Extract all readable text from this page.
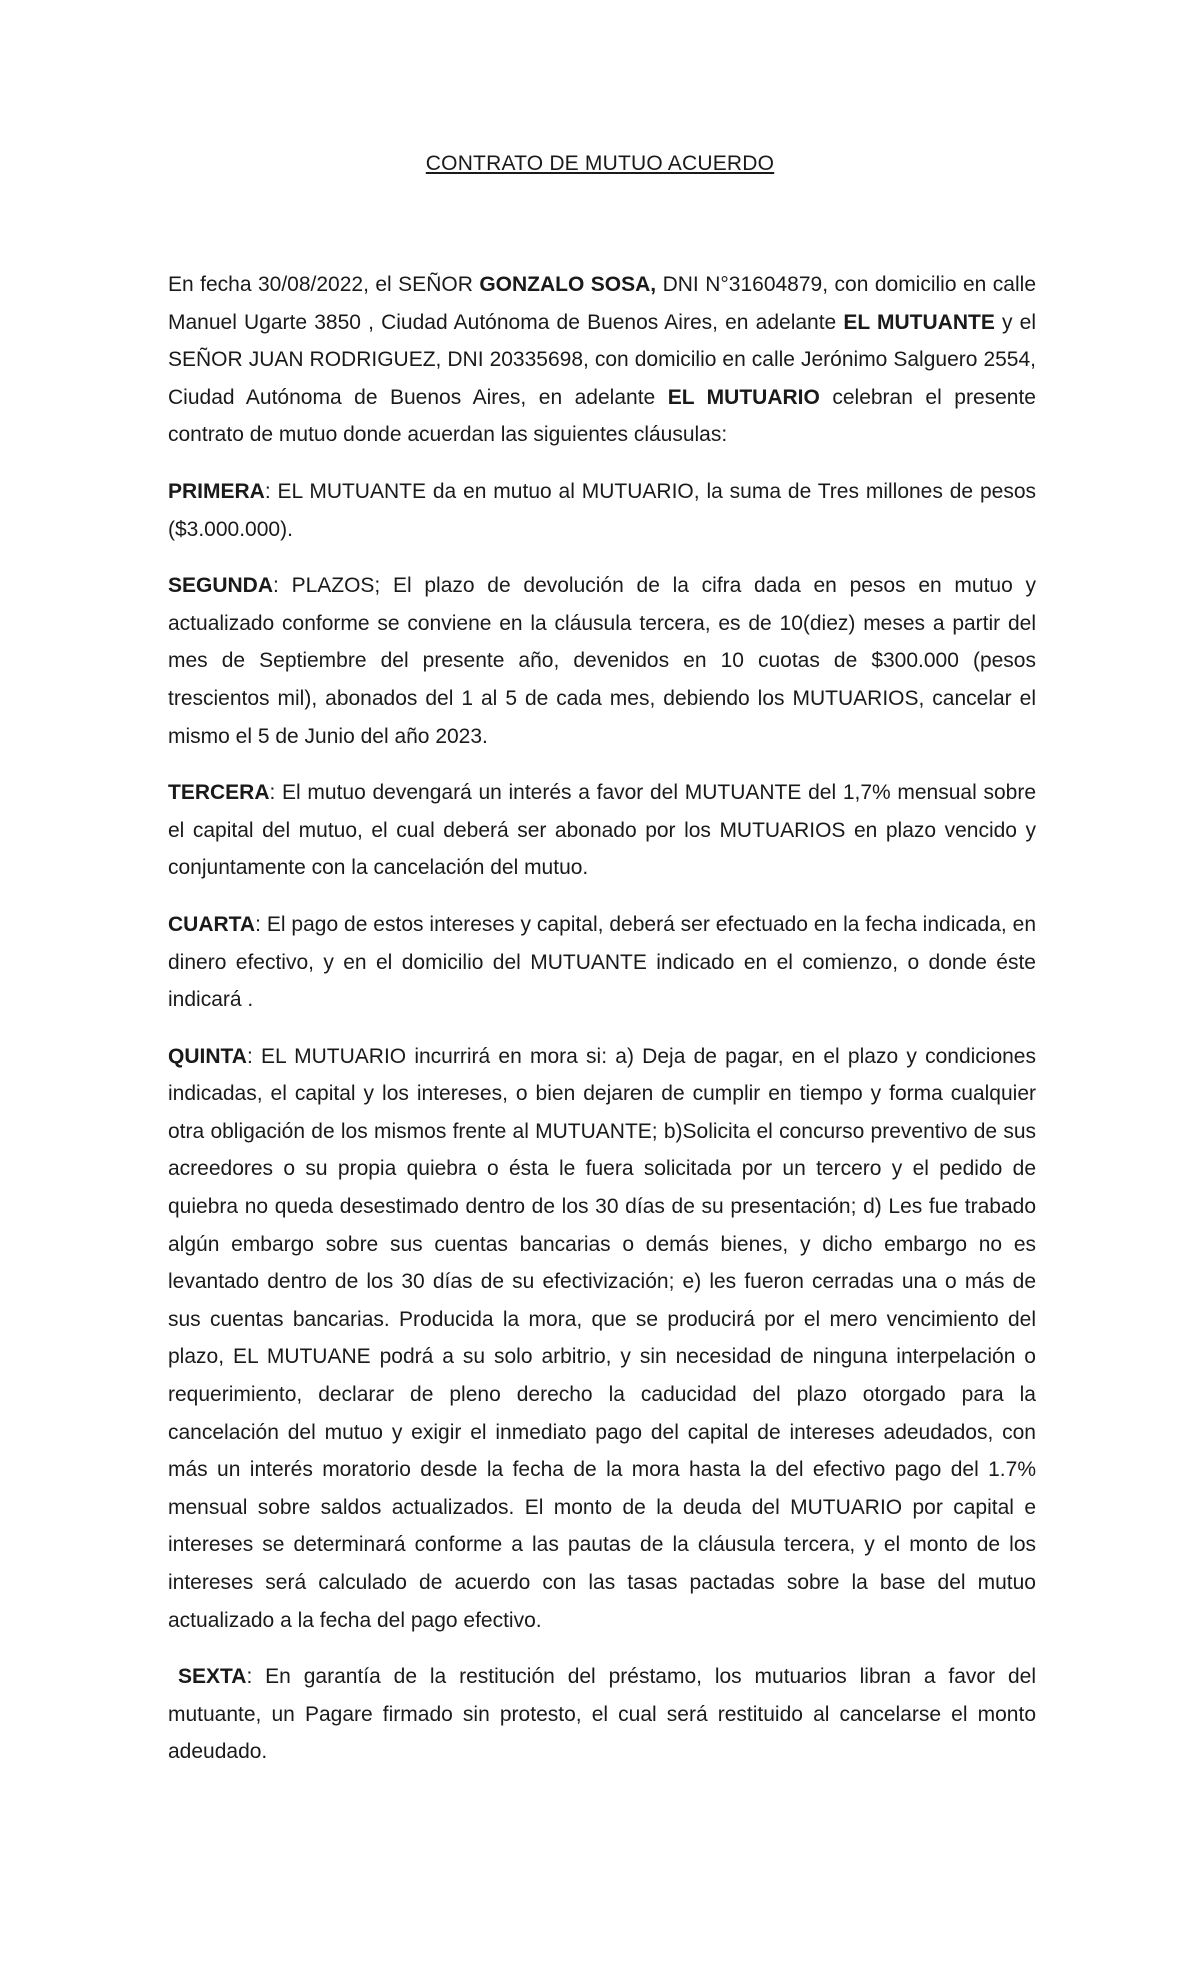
CONTRATO DE MUTUO ACUERDO

En fecha 30/08/2022, el SEÑOR GONZALO SOSA, DNI N°31604879, con domicilio en calle Manuel Ugarte 3850 , Ciudad Autónoma de Buenos Aires, en adelante EL MUTUANTE y el SEÑOR JUAN RODRIGUEZ, DNI 20335698, con domicilio en calle Jerónimo Salguero 2554, Ciudad Autónoma de Buenos Aires, en adelante EL MUTUARIO celebran el presente contrato de mutuo donde acuerdan las siguientes cláusulas:

PRIMERA: EL MUTUANTE da en mutuo al MUTUARIO, la suma de Tres millones de pesos ($3.000.000).

SEGUNDA: PLAZOS; El plazo de devolución de la cifra dada en pesos en mutuo y actualizado conforme se conviene en la cláusula tercera, es de 10(diez) meses a partir del mes de Septiembre del presente año, devenidos en 10 cuotas de $300.000 (pesos trescientos mil), abonados del 1 al 5 de cada mes, debiendo los MUTUARIOS, cancelar el mismo el 5 de Junio del año 2023.

TERCERA: El mutuo devengará un interés a favor del MUTUANTE del 1,7% mensual sobre el capital del mutuo, el cual deberá ser abonado por los MUTUARIOS en plazo vencido y conjuntamente con la cancelación del mutuo.

CUARTA: El pago de estos intereses y capital, deberá ser efectuado en la fecha indicada, en dinero efectivo, y en el domicilio del MUTUANTE indicado en el comienzo, o donde éste indicará .

QUINTA: EL MUTUARIO incurrirá en mora si: a) Deja de pagar, en el plazo y condiciones indicadas, el capital y los intereses, o bien dejaren de cumplir en tiempo y forma cualquier otra obligación de los mismos frente al MUTUANTE; b)Solicita el concurso preventivo de sus acreedores o su propia quiebra o ésta le fuera solicitada por un tercero y el pedido de quiebra no queda desestimado dentro de los 30 días de su presentación; d) Les fue trabado algún embargo sobre sus cuentas bancarias o demás bienes, y dicho embargo no es levantado dentro de los 30 días de su efectivización; e) les fueron cerradas una o más de sus cuentas bancarias. Producida la mora, que se producirá por el mero vencimiento del plazo, EL MUTUANE podrá a su solo arbitrio, y sin necesidad de ninguna interpelación o requerimiento, declarar de pleno derecho la caducidad del plazo otorgado para la cancelación del mutuo y exigir el inmediato pago del capital de intereses adeudados, con más un interés moratorio desde la fecha de la mora hasta la del efectivo pago del 1.7% mensual sobre saldos actualizados. El monto de la deuda del MUTUARIO por capital e intereses se determinará conforme a las pautas de la cláusula tercera, y el monto de los intereses será calculado de acuerdo con las tasas pactadas sobre la base del mutuo actualizado a la fecha del pago efectivo.

SEXTA: En garantía de la restitución del préstamo, los mutuarios libran a favor del mutuante, un Pagare firmado sin protesto, el cual será restituido al cancelarse el monto adeudado.
